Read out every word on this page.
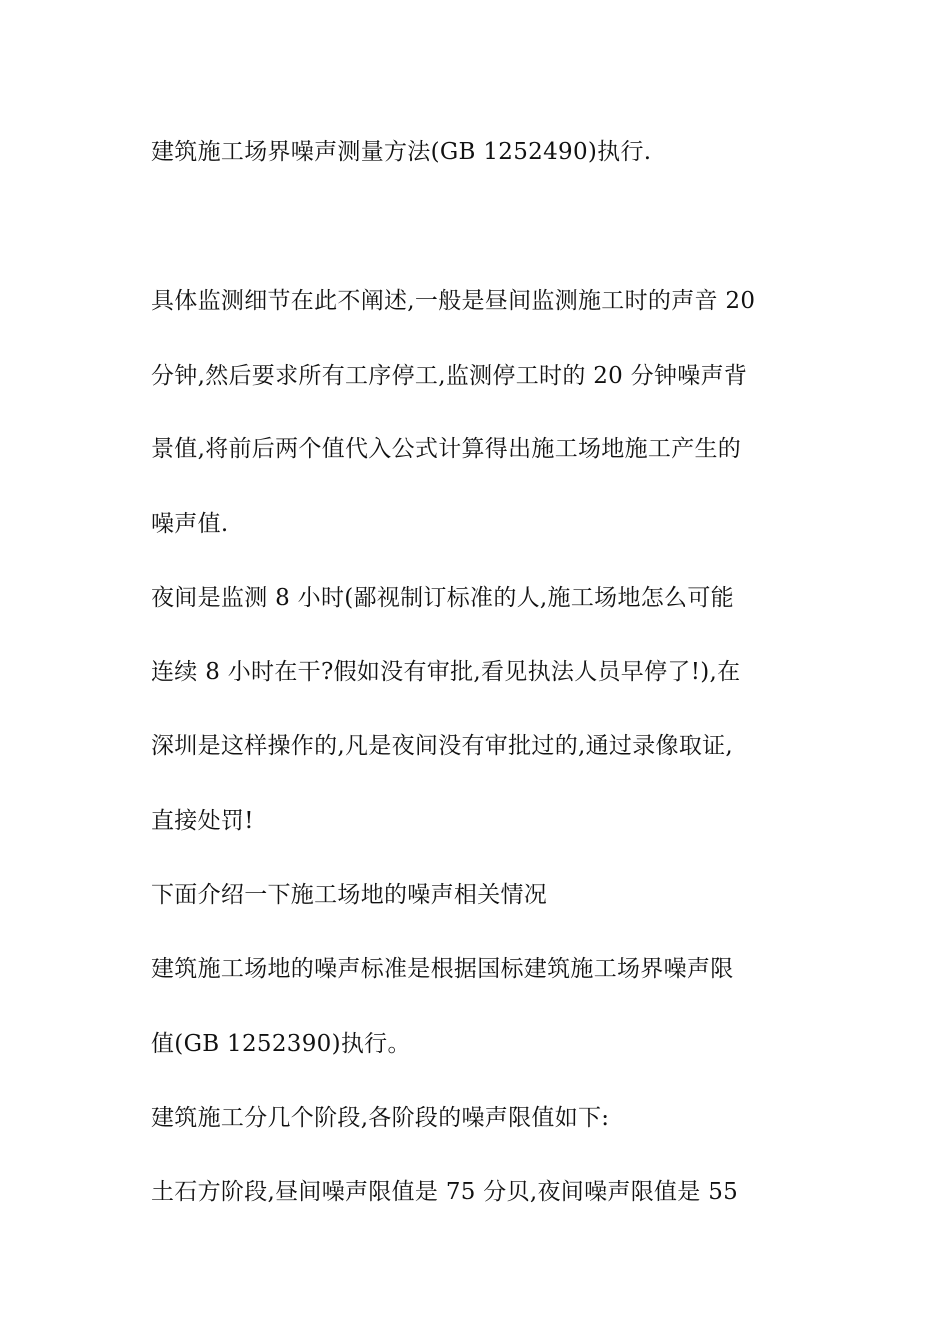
建筑施工场界噪声测量方法(GB 1252490)执行.
具体监测细节在此不阐述,一般是昼间监测施工时的声音 20
分钟,然后要求所有工序停工,监测停工时的 20 分钟噪声背
景值,将前后两个值代入公式计算得出施工场地施工产生的
噪声值.
夜间是监测 8 小时(鄙视制订标准的人,施工场地怎么可能
连续 8 小时在干?假如没有审批,看见执法人员早停了!),在
深圳是这样操作的,凡是夜间没有审批过的,通过录像取证,
直接处罚!
下面介绍一下施工场地的噪声相关情况
建筑施工场地的噪声标准是根据国标建筑施工场界噪声限
值(GB 1252390)执行。
建筑施工分几个阶段,各阶段的噪声限值如下:
土石方阶段,昼间噪声限值是 75 分贝,夜间噪声限值是 55
